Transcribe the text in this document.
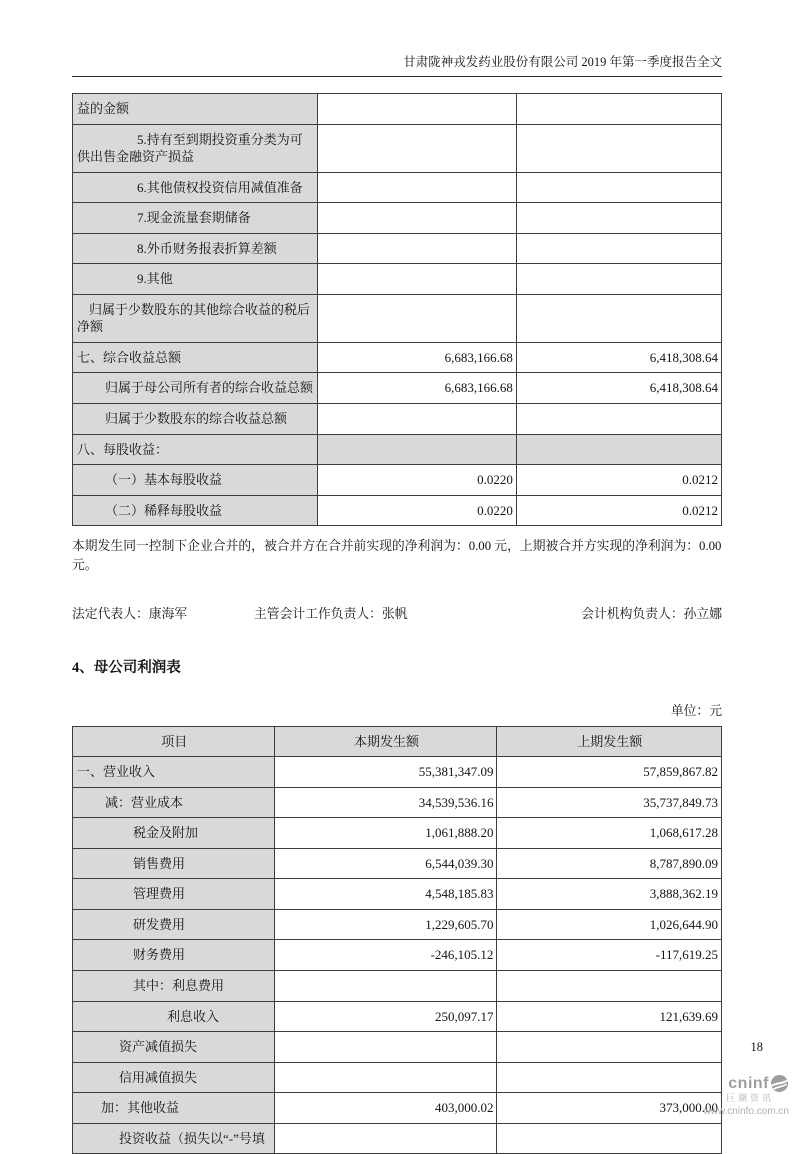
甘肃陇神戎发药业股份有限公司 2019 年第一季度报告全文
益的金额		
5.持有至到期投资重分类为可供出售金融资产损益		
6.其他债权投资信用减值准备		
7.现金流量套期储备		
8.外币财务报表折算差额		
9.其他		
归属于少数股东的其他综合收益的税后净额		
七、综合收益总额	6,683,166.68	6,418,308.64
归属于母公司所有者的综合收益总额	6,683,166.68	6,418,308.64
归属于少数股东的综合收益总额		
八、每股收益：		
（一）基本每股收益	0.0220	0.0212
（二）稀释每股收益	0.0220	0.0212

本期发生同一控制下企业合并的，被合并方在合并前实现的净利润为：0.00 元，上期被合并方实现的净利润为：0.00 元。

法定代表人：康海军	主管会计工作负责人：张帆	会计机构负责人：孙立娜
4、母公司利润表
单位：元
项目	本期发生额	上期发生额
一、营业收入	55,381,347.09	57,859,867.82
减：营业成本	34,539,536.16	35,737,849.73
税金及附加	1,061,888.20	1,068,617.28
销售费用	6,544,039.30	8,787,890.09
管理费用	4,548,185.83	3,888,362.19
研发费用	1,229,605.70	1,026,644.90
财务费用	-246,105.12	-117,619.25
其中：利息费用		
利息收入	250,097.17	121,639.69
资产减值损失		
信用减值损失		
加：其他收益	403,000.02	373,000.00
投资收益（损失以“-”号填		
18
cninf
巨潮资讯
www.cninfo.com.cn
